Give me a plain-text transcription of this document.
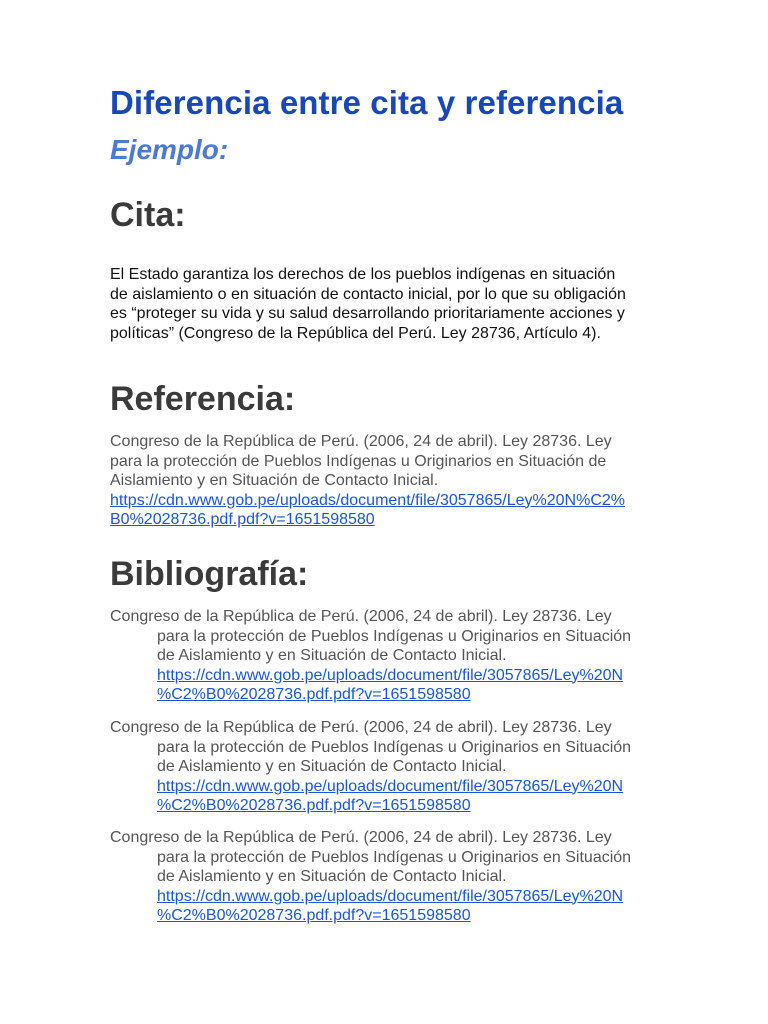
Diferencia entre cita y referencia
Ejemplo:
Cita:

El Estado garantiza los derechos de los pueblos indígenas en situación
de aislamiento o en situación de contacto inicial, por lo que su obligación
es “proteger su vida y su salud desarrollando prioritariamente acciones y
políticas” (Congreso de la República del Perú. Ley 28736, Artículo 4).

Referencia:

Congreso de la República de Perú. (2006, 24 de abril). Ley 28736. Ley
para la protección de Pueblos Indígenas u Originarios en Situación de
Aislamiento y en Situación de Contacto Inicial.
https://cdn.www.gob.pe/uploads/document/file/3057865/Ley%20N%C2%
B0%2028736.pdf.pdf?v=1651598580

Bibliografía:

Congreso de la República de Perú. (2006, 24 de abril). Ley 28736. Ley
para la protección de Pueblos Indígenas u Originarios en Situación
de Aislamiento y en Situación de Contacto Inicial.
https://cdn.www.gob.pe/uploads/document/file/3057865/Ley%20N
%C2%B0%2028736.pdf.pdf?v=1651598580

Congreso de la República de Perú. (2006, 24 de abril). Ley 28736. Ley
para la protección de Pueblos Indígenas u Originarios en Situación
de Aislamiento y en Situación de Contacto Inicial.
https://cdn.www.gob.pe/uploads/document/file/3057865/Ley%20N
%C2%B0%2028736.pdf.pdf?v=1651598580

Congreso de la República de Perú. (2006, 24 de abril). Ley 28736. Ley
para la protección de Pueblos Indígenas u Originarios en Situación
de Aislamiento y en Situación de Contacto Inicial.
https://cdn.www.gob.pe/uploads/document/file/3057865/Ley%20N
%C2%B0%2028736.pdf.pdf?v=1651598580
